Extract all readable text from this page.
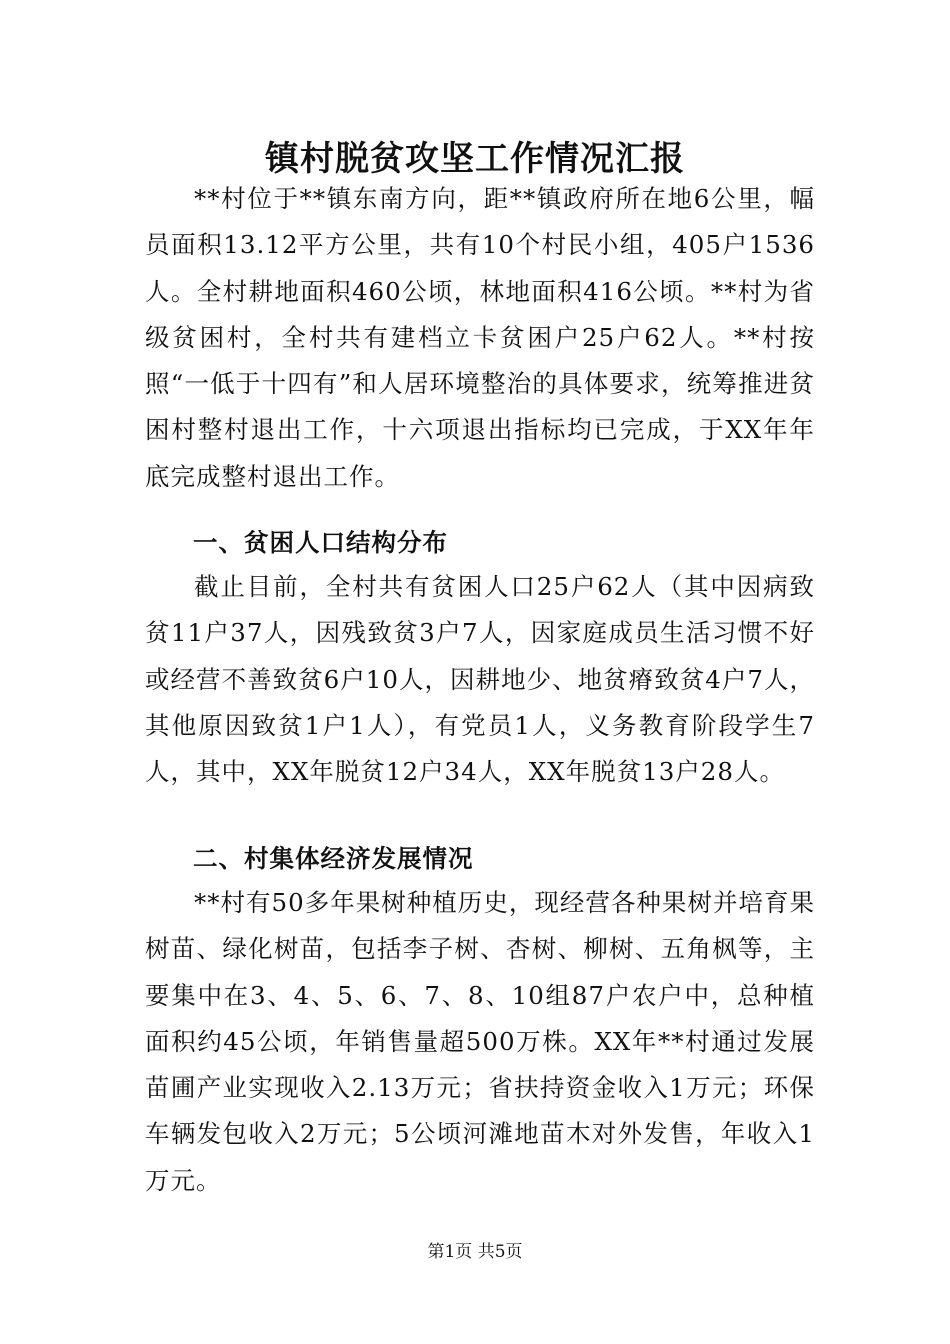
镇村脱贫攻坚工作情况汇报

**村位于**镇东南方向，距**镇政府所在地6公里，幅员面积13.12平方公里，共有10个村民小组，405户1536人。全村耕地面积460公顷，林地面积416公顷。**村为省级贫困村，全村共有建档立卡贫困户25户62人。**村按照“一低于十四有”和人居环境整治的具体要求，统筹推进贫困村整村退出工作，十六项退出指标均已完成，于XX年年底完成整村退出工作。

一、贫困人口结构分布

截止目前，全村共有贫困人口25户62人（其中因病致贫11户37人，因残致贫3户7人，因家庭成员生活习惯不好或经营不善致贫6户10人，因耕地少、地贫瘠致贫4户7人，其他原因致贫1户1人），有党员1人，义务教育阶段学生7人，其中，XX年脱贫12户34人，XX年脱贫13户28人。

二、村集体经济发展情况

**村有50多年果树种植历史，现经营各种果树并培育果树苗、绿化树苗，包括李子树、杏树、柳树、五角枫等，主要集中在3、4、5、6、7、8、10组87户农户中，总种植面积约45公顷，年销售量超500万株。XX年**村通过发展苗圃产业实现收入2.13万元；省扶持资金收入1万元；环保车辆发包收入2万元；5公顷河滩地苗木对外发售，年收入1万元。

第1页 共5页
